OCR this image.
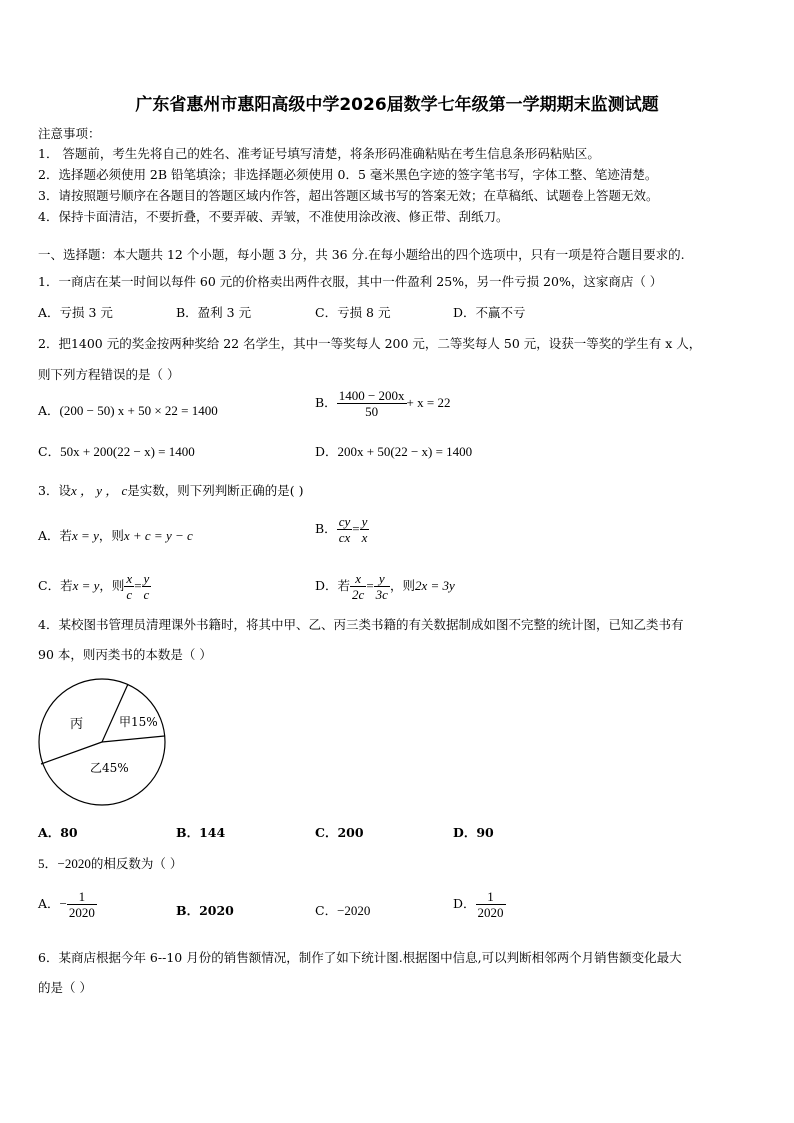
广东省惠州市惠阳高级中学2026届数学七年级第一学期期末监测试题
注意事项：
1． 答题前，考生先将自己的姓名、准考证号填写清楚，将条形码准确粘贴在考生信息条形码粘贴区。
2．选择题必须使用 2B 铅笔填涂；非选择题必须使用 0．5 毫米黑色字迹的签字笔书写，字体工整、笔迹清楚。
3．请按照题号顺序在各题目的答题区域内作答，超出答题区域书写的答案无效；在草稿纸、试题卷上答题无效。
4．保持卡面清洁，不要折叠，不要弄破、弄皱，不准使用涂改液、修正带、刮纸刀。
一、选择题：本大题共 12 个小题，每小题 3 分，共 36 分.在每小题给出的四个选项中，只有一项是符合题目要求的.
1．一商店在某一时间以每件 60 元的价格卖出两件衣服，其中一件盈利 25%，另一件亏损 20%，这家商店（ ）
A．亏损 3 元	B．盈利 3 元	C．亏损 8 元	D．不赢不亏
2．把1400 元的奖金按两种奖给 22 名学生，其中一等奖每人 200 元，二等奖每人 50 元，设获一等奖的学生有 x 人，
则下列方程错误的是（ ）
A．(200 − 50) x + 50 × 22 = 1400
B． $\frac{1400 - 200x}{50} + x = 22$
C．50x + 200(22 − x) = 1400	D．200x + 50(22 − x) = 1400
3．设x ， y ， c是实数，则下列判断正确的是( )
A．若x = y，则x + c = y − c	B． $\frac{cy}{cx} = \frac{y}{x}$
C．若x = y，则 $\frac{x}{c} = \frac{y}{c}$	D．若 $\frac{x}{2c} = \frac{y}{3c}$ ，则2x = 3y
4．某校图书管理员清理课外书籍时，将其中甲、乙、丙三类书籍的有关数据制成如图不完整的统计图，已知乙类书有
90 本，则丙类书的本数是（ ）
丙	甲15%
乙45%
A．80	B．144	C．200	D．90
5．−2020的相反数为（ ）
A．− $\frac{1}{2020}$	B．2020	C．−2020	D． $\frac{1}{2020}$
6．某商店根据今年 6--10 月份的销售额情况，制作了如下统计图.根据图中信息,可以判断相邻两个月销售额变化最大
的是（ ）
